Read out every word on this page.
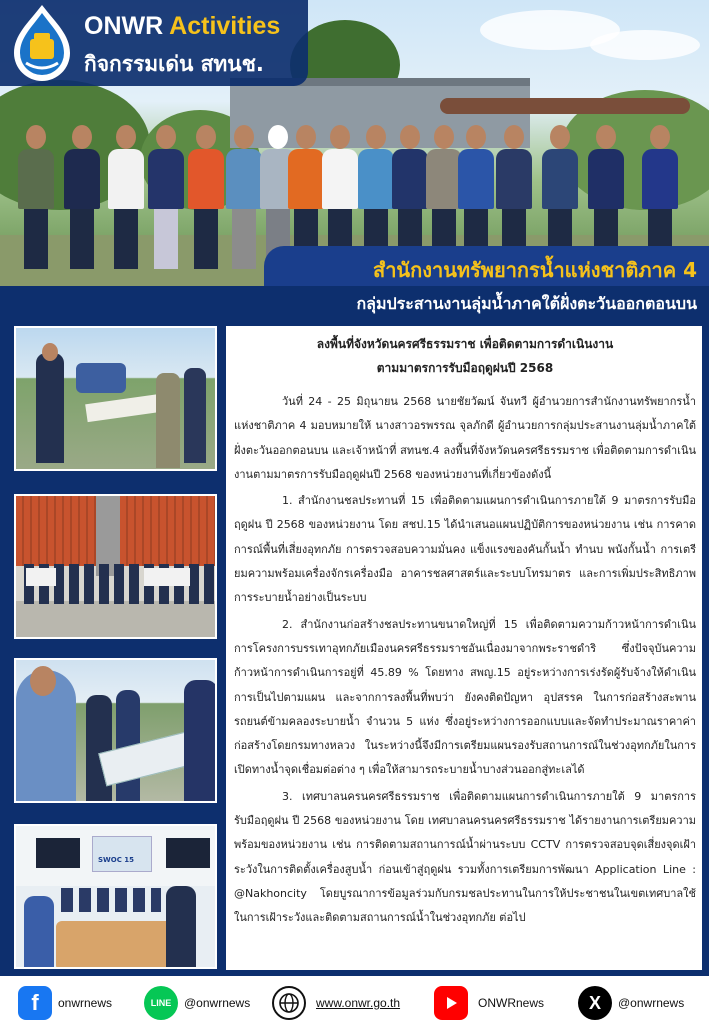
ONWR Activities
กิจกรรมเด่น สทนช.
สำนักงานทรัพยากรน้ำแห่งชาติภาค 4
กลุ่มประสานงานลุ่มน้ำภาคใต้ฝั่งตะวันออกตอนบน
SWOC 15
ลงพื้นที่จังหวัดนครศรีธรรมราช เพื่อติดตามการดำเนินงาน
ตามมาตรการรับมือฤดูฝนปี 2568

วันที่ 24 - 25 มิถุนายน 2568 นายชัยวัฒน์ จันทวี ผู้อำนวยการสำนักงานทรัพยากรน้ำแห่งชาติภาค 4 มอบหมายให้ นางสาวอรพรรณ จุลภักดี ผู้อำนวยการกลุ่มประสานงานลุ่มน้ำภาคใต้ฝั่งตะวันออกตอนบน และเจ้าหน้าที่ สทนช.4 ลงพื้นที่จังหวัดนครศรีธรรมราช เพื่อติดตามการดำเนินงานตามมาตรการรับมือฤดูฝนปี 2568 ของหน่วยงานที่เกี่ยวข้องดังนี้

1. สำนักงานชลประทานที่ 15 เพื่อติดตามแผนการดำเนินการภายใต้ 9 มาตรการรับมือฤดูฝน ปี 2568 ของหน่วยงาน โดย สชป.15 ได้นำเสนอแผนปฏิบัติการของหน่วยงาน เช่น การคาดการณ์พื้นที่เสี่ยงอุทกภัย การตรวจสอบความมั่นคง แข็งแรงของคันกั้นน้ำ ทำนบ พนังกั้นน้ำ การเตรียมความพร้อมเครื่องจักรเครื่องมือ อาคารชลศาสตร์และระบบโทรมาตร และการเพิ่มประสิทธิภาพการระบายน้ำอย่างเป็นระบบ

2. สำนักงานก่อสร้างชลประทานขนาดใหญ่ที่ 15 เพื่อติดตามความก้าวหน้าการดำเนินการโครงการบรรเทาอุทกภัยเมืองนครศรีธรรมราชอันเนื่องมาจากพระราชดำริ ซึ่งปัจจุบันความก้าวหน้าการดำเนินการอยู่ที่ 45.89 % โดยทาง สพญ.15 อยู่ระหว่างการเร่งรัดผู้รับจ้างให้ดำเนินการเป็นไปตามแผน และจากการลงพื้นที่พบว่า ยังคงติดปัญหา อุปสรรค ในการก่อสร้างสะพานรถยนต์ข้ามคลองระบายน้ำ จำนวน 5 แห่ง ซึ่งอยู่ระหว่างการออกแบบและจัดทำประมาณราคาค่าก่อสร้างโดยกรมทางหลวง ในระหว่างนี้จึงมีการเตรียมแผนรองรับสถานการณ์ในช่วงอุทกภัยในการเปิดทางน้ำจุดเชื่อมต่อต่าง ๆ เพื่อให้สามารถระบายน้ำบางส่วนออกสู่ทะเลได้

3. เทศบาลนครนครศรีธรรมราช เพื่อติดตามแผนการดำเนินการภายใต้ 9 มาตรการรับมือฤดูฝน ปี 2568 ของหน่วยงาน โดย เทศบาลนครนครศรีธรรมราช ได้รายงานการเตรียมความพร้อมของหน่วยงาน เช่น การติดตามสถานการณ์น้ำผ่านระบบ CCTV การตรวจสอบจุดเสี่ยงจุดเฝ้าระวังในการติดตั้งเครื่องสูบน้ำ ก่อนเข้าสู่ฤดูฝน รวมทั้งการเตรียมการพัฒนา Application Line : @Nakhoncity โดยบูรณาการข้อมูลร่วมกับกรมชลประทานในการให้ประชาชนในเขตเทศบาลใช้ในการเฝ้าระวังและติดตามสถานการณ์น้ำในช่วงอุทกภัย ต่อไป

f	onwrnews	LINE	@onwrnews	www.onwr.go.th	ONWRnews	X	@onwrnews
